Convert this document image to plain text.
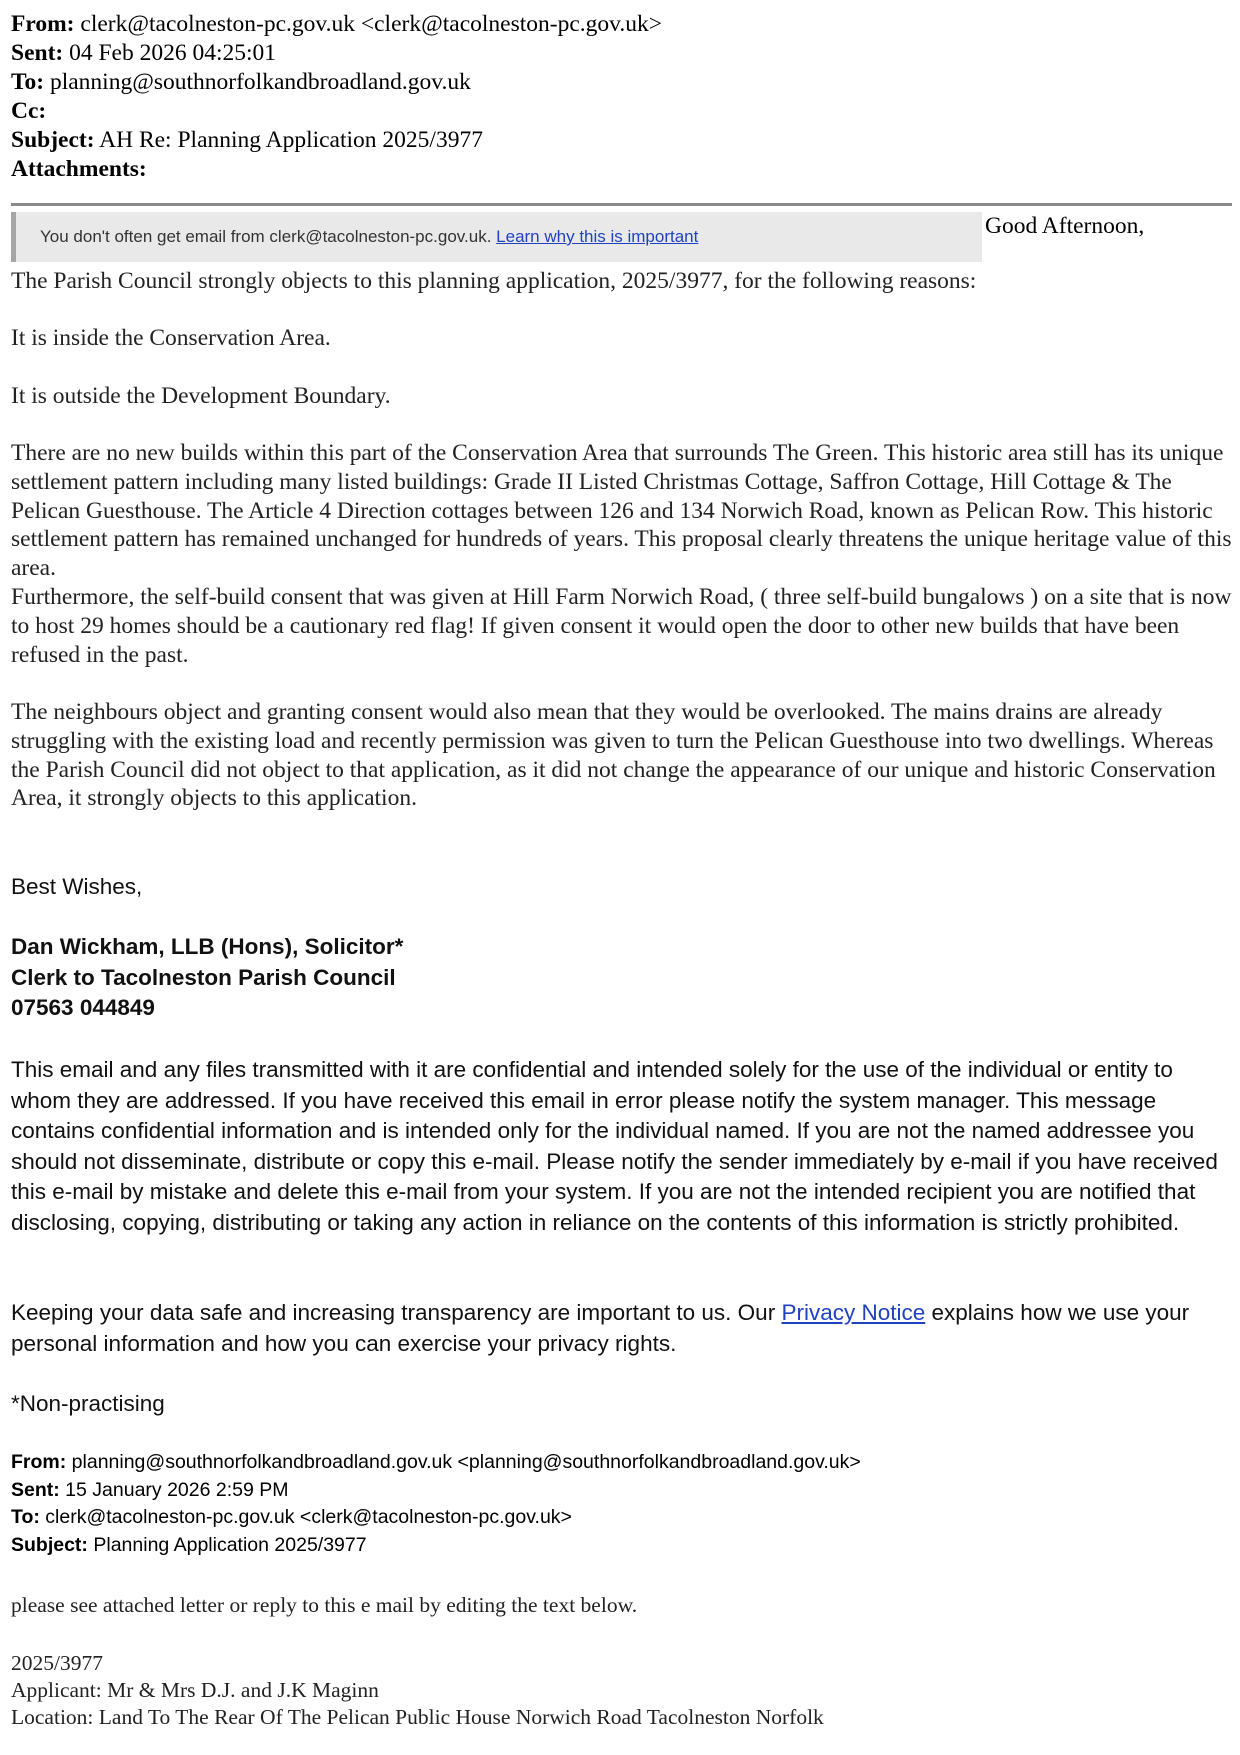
From: clerk@tacolneston-pc.gov.uk <clerk@tacolneston-pc.gov.uk>
Sent: 04 Feb 2026 04:25:01
To: planning@southnorfolkandbroadland.gov.uk
Cc:
Subject: AH Re: Planning Application 2025/3977
Attachments:
You don't often get email from clerk@tacolneston-pc.gov.uk. Learn why this is important	Good Afternoon,

The Parish Council strongly objects to this planning application, 2025/3977, for the following reasons:

It is inside the Conservation Area.

It is outside the Development Boundary.

There are no new builds within this part of the Conservation Area that surrounds The Green. This historic area still has its unique settlement pattern including many listed buildings: Grade II Listed Christmas Cottage, Saffron Cottage, Hill Cottage & The Pelican Guesthouse. The Article 4 Direction cottages between 126 and 134 Norwich Road, known as Pelican Row. This historic settlement pattern has remained unchanged for hundreds of years. This proposal clearly threatens the unique heritage value of this area.

Furthermore, the self-build consent that was given at Hill Farm Norwich Road, ( three self-build bungalows ) on a site that is now to host 29 homes should be a cautionary red flag! If given consent it would open the door to other new builds that have been refused in the past.

The neighbours object and granting consent would also mean that they would be overlooked. The mains drains are already struggling with the existing load and recently permission was given to turn the Pelican Guesthouse into two dwellings. Whereas the Parish Council did not object to that application, as it did not change the appearance of our unique and historic Conservation Area, it strongly objects to this application.

Best Wishes,

Dan Wickham, LLB (Hons), Solicitor*

Clerk to Tacolneston Parish Council

07563 044849

This email and any files transmitted with it are confidential and intended solely for the use of the individual or entity to whom they are addressed. If you have received this email in error please notify the system manager. This message contains confidential information and is intended only for the individual named. If you are not the named addressee you should not disseminate, distribute or copy this e-mail. Please notify the sender immediately by e-mail if you have received this e-mail by mistake and delete this e-mail from your system. If you are not the intended recipient you are notified that disclosing, copying, distributing or taking any action in reliance on the contents of this information is strictly prohibited.

Keeping your data safe and increasing transparency are important to us. Our Privacy Notice explains how we use your personal information and how you can exercise your privacy rights.

*Non-practising

From: planning@southnorfolkandbroadland.gov.uk <planning@southnorfolkandbroadland.gov.uk>
Sent: 15 January 2026 2:59 PM
To: clerk@tacolneston-pc.gov.uk <clerk@tacolneston-pc.gov.uk>
Subject: Planning Application 2025/3977

please see attached letter or reply to this e mail by editing the text below.

2025/3977

Applicant: Mr & Mrs D.J. and J.K Maginn

Location: Land To The Rear Of The Pelican Public House Norwich Road Tacolneston Norfolk
